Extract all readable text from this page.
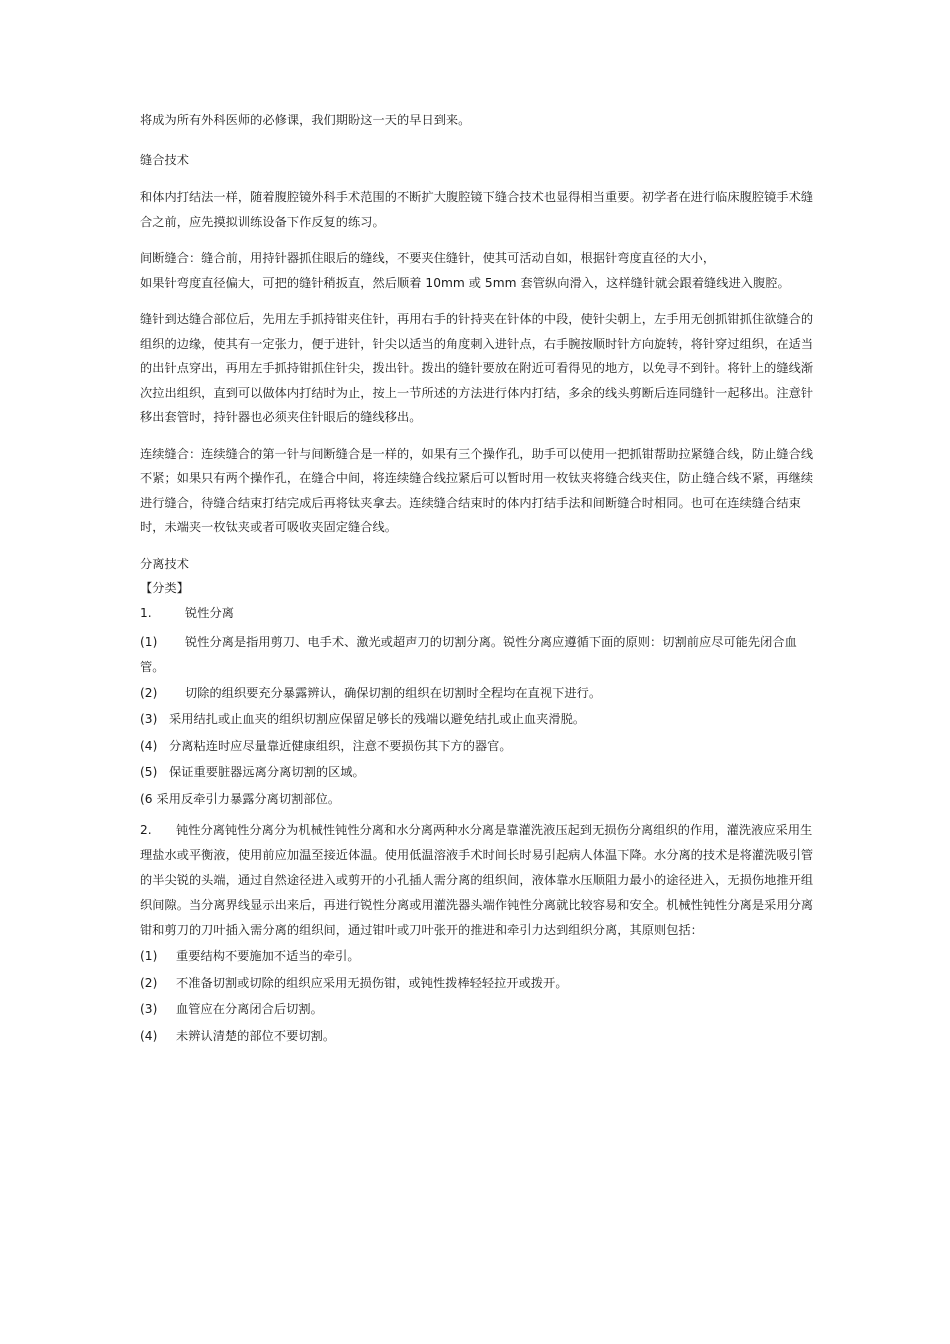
将成为所有外科医师的必修课，我们期盼这一天的早日到来。

缝合技术

和体内打结法一样，随着腹腔镜外科手术范围的不断扩大腹腔镜下缝合技术也显得相当重要。初学者在进行临床腹腔镜手术缝合之前，应先摸拟训练设备下作反复的练习。

间断缝合：缝合前，用持针器抓住眼后的缝线，不要夹住缝针，使其可活动自如，根据针弯度直径的大小，

如果针弯度直径偏大，可把的缝针稍扳直，然后顺着 10mm 或 5mm 套管纵向滑入，这样缝针就会跟着缝线进入腹腔。

缝针到达缝合部位后，先用左手抓持钳夹住针，再用右手的针持夹在针体的中段，使针尖朝上，左手用无创抓钳抓住欲缝合的组织的边缘，使其有一定张力，便于进针，针尖以适当的角度刺入进针点，右手腕按顺时针方向旋转，将针穿过组织，在适当的出针点穿出，再用左手抓持钳抓住针尖，拨出针。拨出的缝针要放在附近可看得见的地方，以免寻不到针。将针上的缝线渐次拉出组织，直到可以做体内打结时为止，按上一节所述的方法进行体内打结，多余的线头剪断后连同缝针一起移出。注意针移出套管时，持针器也必须夹住针眼后的缝线移出。

连续缝合：连续缝合的第一针与间断缝合是一样的，如果有三个操作孔，助手可以使用一把抓钳帮助拉紧缝合线，防止缝合线不紧；如果只有两个操作孔，在缝合中间，将连续缝合线拉紧后可以暂时用一枚钛夹将缝合线夹住，防止缝合线不紧，再继续进行缝合，待缝合结束打结完成后再将钛夹拿去。连续缝合结束时的体内打结手法和间断缝合时相同。也可在连续缝合结束时，未端夹一枚钛夹或者可吸收夹固定缝合线。

分离技术

【分类】

1.	锐性分离

(1) 锐性分离是指用剪刀、电手术、激光或超声刀的切割分离。锐性分离应遵循下面的原则：切割前应尽可能先闭合血管。

(2) 切除的组织要充分暴露辨认，确保切割的组织在切割时全程均在直视下进行。

(3) 采用结扎或止血夹的组织切割应保留足够长的残端以避免结扎或止血夹滑脱。

(4) 分离粘连时应尽量靠近健康组织，注意不要损伤其下方的器官。

(5) 保证重要脏器远离分离切割的区域。

(6 采用反牵引力暴露分离切割部位。

2. 钝性分离钝性分离分为机械性钝性分离和水分离两种水分离是靠灌洗液压起到无损伤分离组织的作用，灌洗液应采用生理盐水或平衡液，使用前应加温至接近体温。使用低温溶液手术时间长时易引起病人体温下降。水分离的技术是将灌洗吸引管的半尖锐的头端，通过自然途径进入或剪开的小孔插人需分离的组织间，液体靠水压顺阻力最小的途径进入，无损伤地推开组织间隙。当分离界线显示出来后，再进行锐性分离或用灌洗器头端作钝性分离就比较容易和安全。机械性钝性分离是采用分离钳和剪刀的刀叶插入需分离的组织间，通过钳叶或刀叶张开的推进和牵引力达到组织分离，其原则包括：

(1) 重要结构不要施加不适当的牵引。

(2) 不准备切割或切除的组织应采用无损伤钳，或钝性拨棒轻轻拉开或拨开。

(3) 血管应在分离闭合后切割。

(4) 未辨认清楚的部位不要切割。
